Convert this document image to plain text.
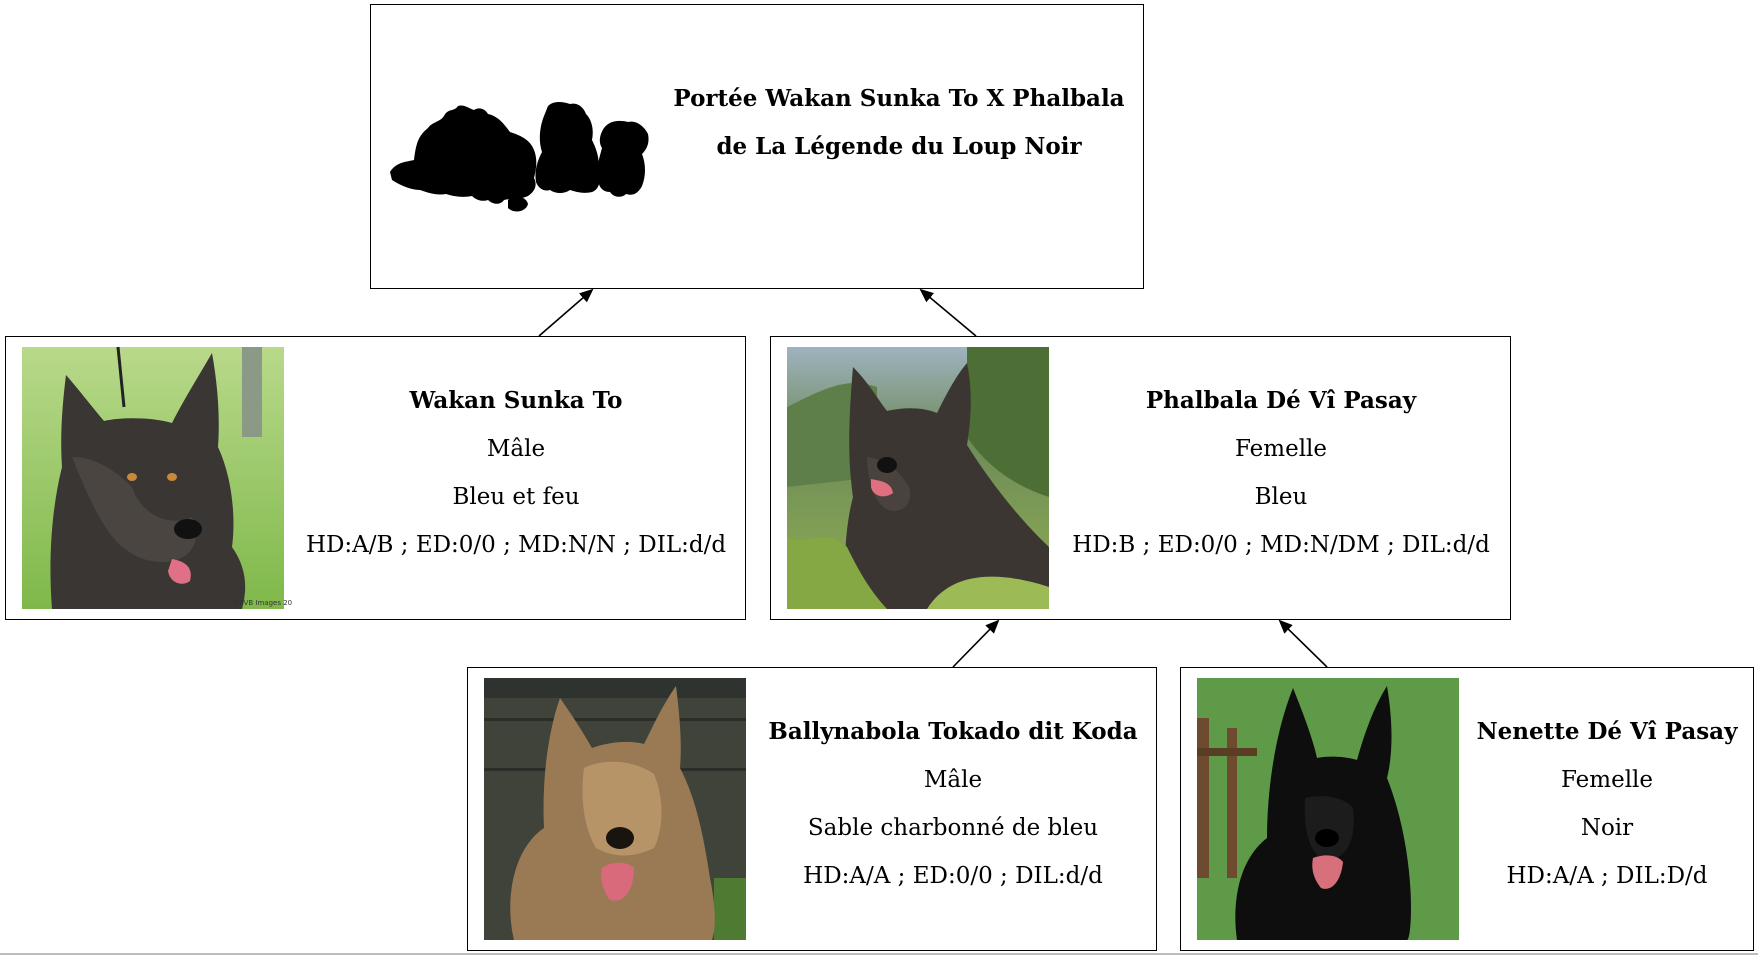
Portée Wakan Sunka To X Phalbala
de La Légende du Loup Noir
©BVB Images 20
Wakan Sunka To
Mâle
Bleu et feu
HD:A/B ; ED:0/0 ; MD:N/N ; DIL:d/d
Phalbala Dé Vî Pasay
Femelle
Bleu
HD:B ; ED:0/0 ; MD:N/DM ; DIL:d/d
Ballynabola Tokado dit Koda
Mâle
Sable charbonné de bleu
HD:A/A ; ED:0/0 ; DIL:d/d
Nenette Dé Vî Pasay
Femelle
Noir
HD:A/A ; DIL:D/d
